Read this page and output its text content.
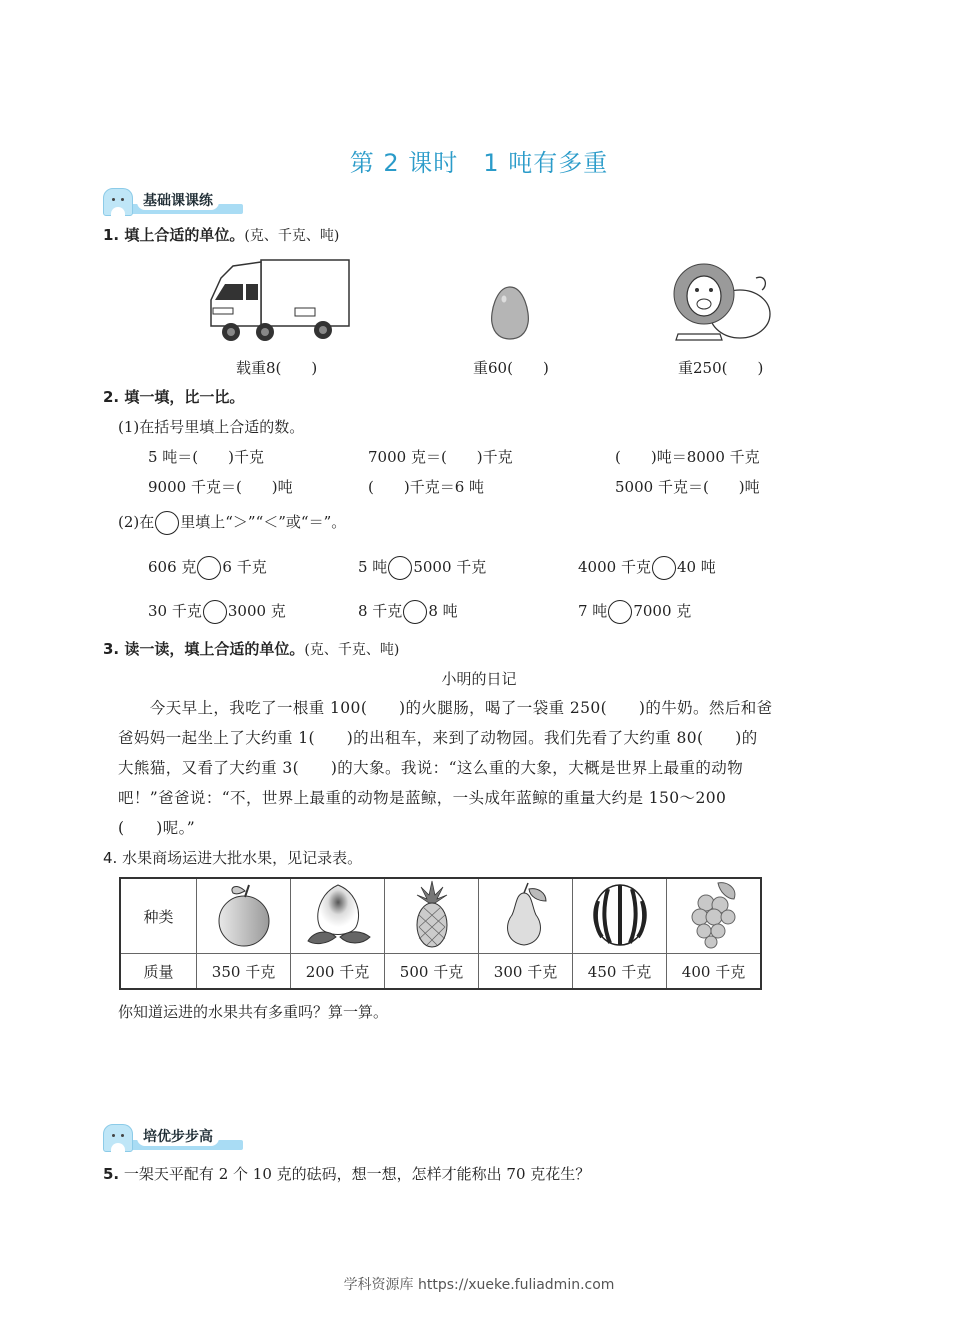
第 2 课时　1 吨有多重
基础课课练
1. 填上合适的单位。(克、千克、吨)
载重8(　　)	重60(　　)	重250(　　)
2. 填一填，比一比。
(1)在括号里填上合适的数。
5 吨＝(　　)千克	7000 克＝(　　)千克	(　　)吨＝8000 千克
9000 千克＝(　　)吨	(　　)千克＝6 吨	5000 千克＝(　　)吨
(2)在 里填上“＞”“＜”或“＝”。
606 克 6 千克	5 吨 5000 千克	4000 千克 40 吨
30 千克 3000 克	8 千克 8 吨	7 吨 7000 克
3. 读一读，填上合适的单位。(克、千克、吨)
小明的日记

　　今天早上，我吃了一根重 100(　　)的火腿肠，喝了一袋重 250(　　)的牛奶。然后和爸

爸妈妈一起坐上了大约重 1(　　)的出租车，来到了动物园。我们先看了大约重 80(　　)的

大熊猫，又看了大约重 3(　　)的大象。我说：“这么重的大象，大概是世界上最重的动物

吧！”爸爸说：“不，世界上最重的动物是蓝鲸，一头成年蓝鲸的重量大约是 150～200

(　　)呢。”

4. 水果商场运进大批水果，见记录表。
种类						
质量	350 千克	200 千克	500 千克	300 千克	450 千克	400 千克
你知道运进的水果共有多重吗？算一算。
培优步步高
5. 一架天平配有 2 个 10 克的砝码，想一想，怎样才能称出 70 克花生？
学科资源库 https://xueke.fuliadmin.com
